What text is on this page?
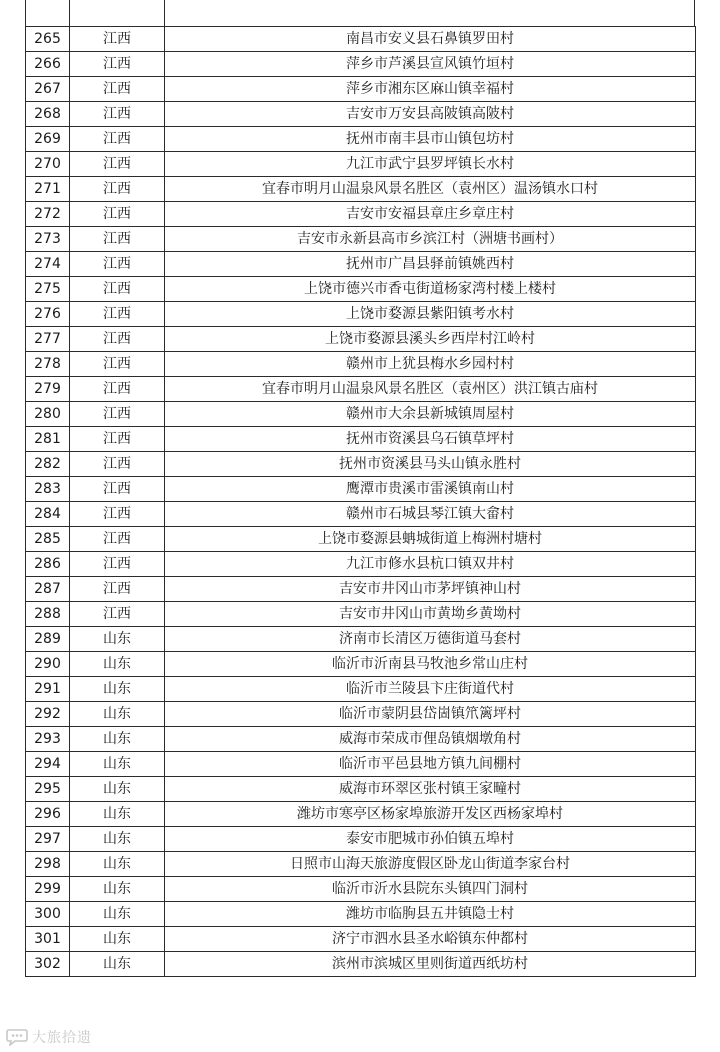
265	江西	南昌市安义县石鼻镇罗田村
266	江西	萍乡市芦溪县宣风镇竹垣村
267	江西	萍乡市湘东区麻山镇幸福村
268	江西	吉安市万安县高陂镇高陂村
269	江西	抚州市南丰县市山镇包坊村
270	江西	九江市武宁县罗坪镇长水村
271	江西	宜春市明月山温泉风景名胜区（袁州区）温汤镇水口村
272	江西	吉安市安福县章庄乡章庄村
273	江西	吉安市永新县高市乡滨江村（洲塘书画村）
274	江西	抚州市广昌县驿前镇姚西村
275	江西	上饶市德兴市香屯街道杨家湾村楼上楼村
276	江西	上饶市婺源县紫阳镇考水村
277	江西	上饶市婺源县溪头乡西岸村江岭村
278	江西	赣州市上犹县梅水乡园村村
279	江西	宜春市明月山温泉风景名胜区（袁州区）洪江镇古庙村
280	江西	赣州市大余县新城镇周屋村
281	江西	抚州市资溪县乌石镇草坪村
282	江西	抚州市资溪县马头山镇永胜村
283	江西	鹰潭市贵溪市雷溪镇南山村
284	江西	赣州市石城县琴江镇大畲村
285	江西	上饶市婺源县蚺城街道上梅洲村塘村
286	江西	九江市修水县杭口镇双井村
287	江西	吉安市井冈山市茅坪镇神山村
288	江西	吉安市井冈山市黄坳乡黄坳村
289	山东	济南市长清区万德街道马套村
290	山东	临沂市沂南县马牧池乡常山庄村
291	山东	临沂市兰陵县卞庄街道代村
292	山东	临沂市蒙阴县岱崮镇笊篱坪村
293	山东	威海市荣成市俚岛镇烟墩角村
294	山东	临沂市平邑县地方镇九间棚村
295	山东	威海市环翠区张村镇王家疃村
296	山东	潍坊市寒亭区杨家埠旅游开发区西杨家埠村
297	山东	泰安市肥城市孙伯镇五埠村
298	山东	日照市山海天旅游度假区卧龙山街道李家台村
299	山东	临沂市沂水县院东头镇四门洞村
300	山东	潍坊市临朐县五井镇隐士村
301	山东	济宁市泗水县圣水峪镇东仲都村
302	山东	滨州市滨城区里则街道西纸坊村
大旅拾遗
